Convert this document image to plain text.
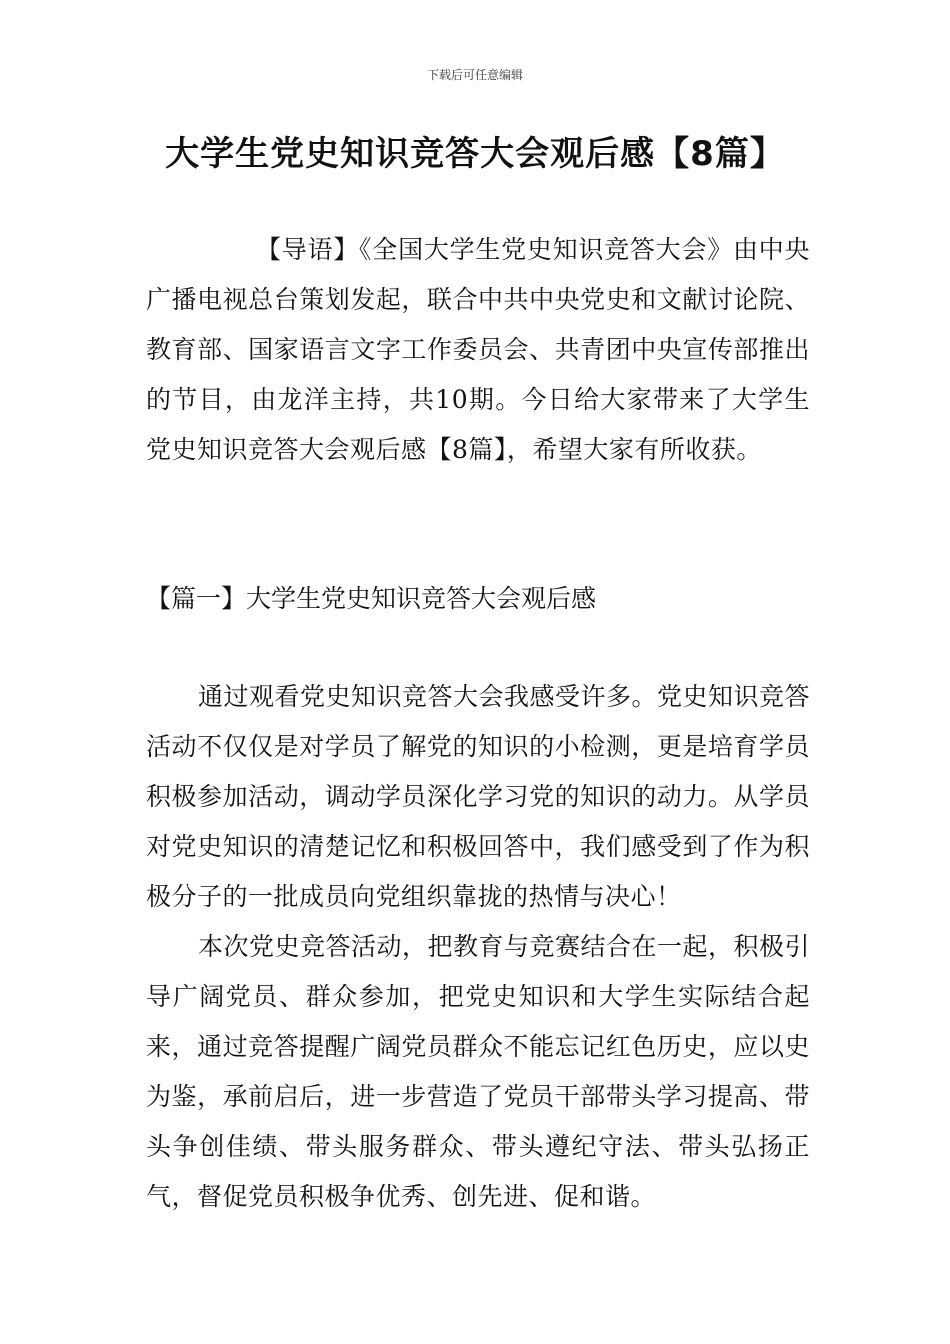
下载后可任意编辑
大学生党史知识竞答大会观后感【8篇】
【导语】《全国大学生党史知识竞答大会》由中央广播电视总台策划发起，联合中共中央党史和文献讨论院、教育部、国家语言文字工作委员会、共青团中央宣传部推出的节目，由龙洋主持，共10期。今日给大家带来了大学生党史知识竞答大会观后感【8篇】，希望大家有所收获。
【篇一】大学生党史知识竞答大会观后感
通过观看党史知识竞答大会我感受许多。党史知识竞答活动不仅仅是对学员了解党的知识的小检测，更是培育学员积极参加活动，调动学员深化学习党的知识的动力。从学员对党史知识的清楚记忆和积极回答中，我们感受到了作为积极分子的一批成员向党组织靠拢的热情与决心！
本次党史竞答活动，把教育与竞赛结合在一起，积极引导广阔党员、群众参加，把党史知识和大学生实际结合起来，通过竞答提醒广阔党员群众不能忘记红色历史，应以史为鉴，承前启后，进一步营造了党员干部带头学习提高、带头争创佳绩、带头服务群众、带头遵纪守法、带头弘扬正气，督促党员积极争优秀、创先进、促和谐。
